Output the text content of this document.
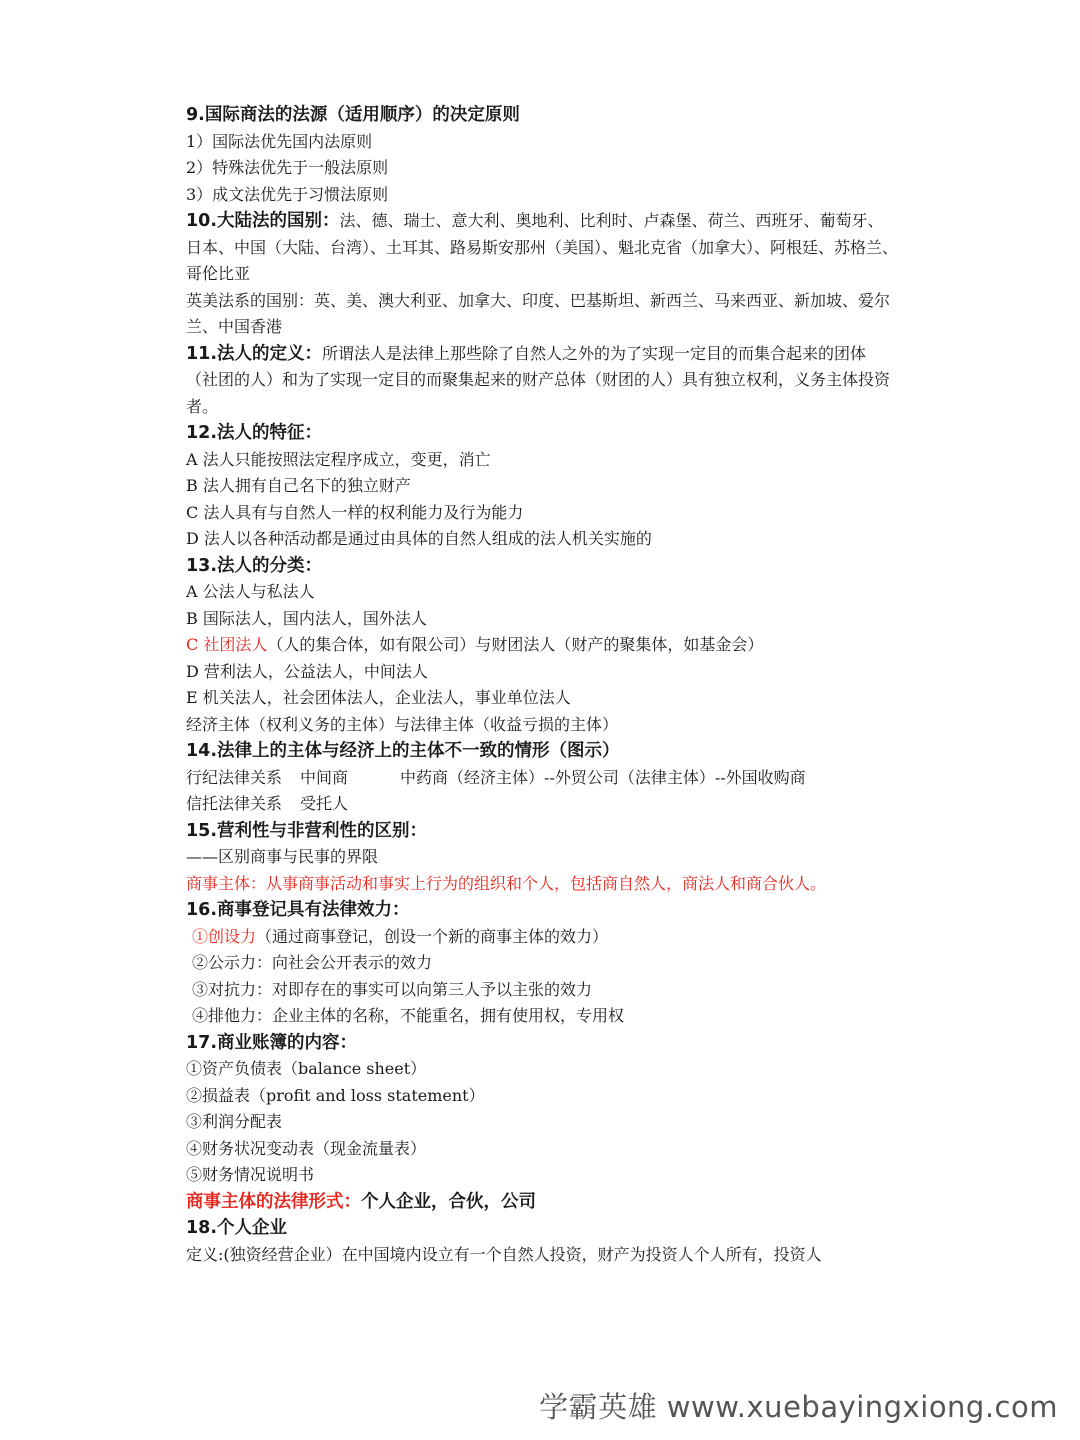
9.国际商法的法源（适用顺序）的决定原则
1）国际法优先国内法原则
2）特殊法优先于一般法原则
3）成文法优先于习惯法原则
10.大陆法的国别：法、德、瑞士、意大利、奥地利、比利时、卢森堡、荷兰、西班牙、葡萄牙、日本、中国（大陆、台湾）、土耳其、路易斯安那州（美国）、魁北克省（加拿大）、阿根廷、苏格兰、哥伦比亚
英美法系的国别：英、美、澳大利亚、加拿大、印度、巴基斯坦、新西兰、马来西亚、新加坡、爱尔兰、中国香港
11.法人的定义：所谓法人是法律上那些除了自然人之外的为了实现一定目的而集合起来的团体（社团的人）和为了实现一定目的而聚集起来的财产总体（财团的人）具有独立权利，义务主体投资者。
12.法人的特征：
A 法人只能按照法定程序成立，变更，消亡
B 法人拥有自己名下的独立财产
C 法人具有与自然人一样的权利能力及行为能力
D 法人以各种活动都是通过由具体的自然人组成的法人机关实施的
13.法人的分类：
A 公法人与私法人
B 国际法人，国内法人，国外法人
C 社团法人（人的集合体，如有限公司）与财团法人（财产的聚集体，如基金会）
D 营利法人，公益法人，中间法人
E 机关法人，社会团体法人，企业法人，事业单位法人
经济主体（权利义务的主体）与法律主体（收益亏损的主体）
14.法律上的主体与经济上的主体不一致的情形（图示）
行纪法律关系 中间商	中药商（经济主体）--外贸公司（法律主体）--外国收购商
信托法律关系 受托人
15.营利性与非营利性的区别：
——区别商事与民事的界限
商事主体：从事商事活动和事实上行为的组织和个人，包括商自然人，商法人和商合伙人。
16.商事登记具有法律效力：
①创设力（通过商事登记，创设一个新的商事主体的效力）
②公示力：向社会公开表示的效力
③对抗力：对即存在的事实可以向第三人予以主张的效力
④排他力：企业主体的名称，不能重名，拥有使用权，专用权
17.商业账簿的内容：
①资产负债表（balance sheet）
②损益表（profit and loss statement）
③利润分配表
④财务状况变动表（现金流量表）
⑤财务情况说明书
商事主体的法律形式：个人企业，合伙，公司
18.个人企业
定义:(独资经营企业）在中国境内设立有一个自然人投资，财产为投资人个人所有，投资人
学霸英雄 www.xuebayingxiong.com
